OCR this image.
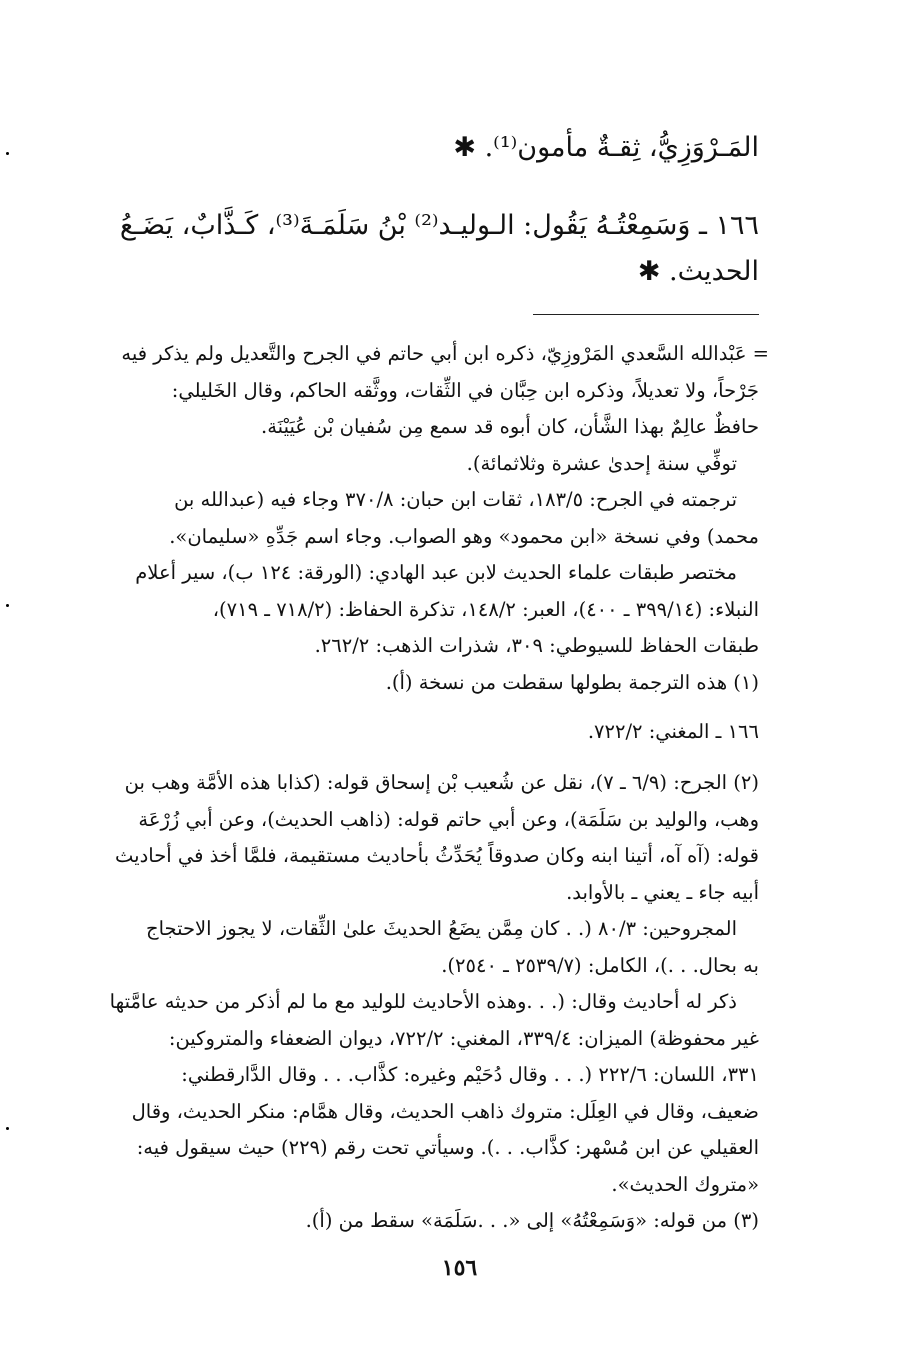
المَـرْوَزِيُّ، ثِقـةٌ مأمون⁽¹⁾. ✱
١٦٦ ـ وَسَمِعْتُـهُ يَقُول: الـوليـد⁽²⁾ بْنُ سَلَمَـةَ⁽³⁾، كَـذَّابٌ، يَضَـعُ
الحديث. ✱

= عَبْدالله السَّعدي المَرْوزِيّ، ذكره ابن أبي حاتم في الجرح والتَّعديل ولم يذكر فيه

جَرْحاً، ولا تعديلاً، وذكره ابن حِبَّان في الثِّقات، ووثَّقه الحاكم، وقال الخَليلي:

حافظٌ عالِمٌ بهذا الشَّأن، كان أبوه قد سمع مِن سُفيان بْن عُيَيْنَة.

توفِّي سنة إحدىٰ عشرة وثلاثمائة).

ترجمته في الجرح: ١٨٣/٥، ثقات ابن حبان: ٣٧٠/٨ وجاء فيه (عبدالله بن

محمد) وفي نسخة «ابن محمود» وهو الصواب. وجاء اسم جَدِّهِ «سليمان».

مختصر طبقات علماء الحديث لابن عبد الهادي: (الورقة: ١٢٤ ب)، سير أعلام

النبلاء: (٣٩٩/١٤ ـ ٤٠٠)، العبر: ١٤٨/٢، تذكرة الحفاظ: (٧١٨/٢ ـ ٧١٩)،

طبقات الحفاظ للسيوطي: ٣٠٩، شذرات الذهب: ٢٦٢/٢.

(١) هذه الترجمة بطولها سقطت من نسخة (أ).

١٦٦ ـ المغني: ٧٢٢/٢.

(٢) الجرح: (٦/٩ ـ ٧)، نقل عن شُعيب بْن إسحاق قوله: (كذابا هذه الأمَّة وهب بن

وهب، والوليد بن سَلَمَة)، وعن أبي حاتم قوله: (ذاهب الحديث)، وعن أبي زُرْعَة

قوله: (آه آه، أتينا ابنه وكان صدوقاً يُحَدِّثُ بأحاديث مستقيمة، فلمَّا أخذ في أحاديث

أبيه جاء ـ يعني ـ بالأوابد.

المجروحين: ٨٠/٣ (. . كان مِمَّن يضَعُ الحديثَ علىٰ الثِّقات، لا يجوز الاحتجاج

به بحال. . .)، الكامل: (٢٥٣٩/٧ ـ ٢٥٤٠).

ذكر له أحاديث وقال: (. . .وهذه الأحاديث للوليد مع ما لم أذكر من حديثه عامَّتها

غير محفوظة) الميزان: ٣٣٩/٤، المغني: ٧٢٢/٢، ديوان الضعفاء والمتروكين:

٣٣١، اللسان: ٢٢٢/٦ (. . . وقال دُحَيْم وغيره: كذَّاب. . . وقال الدَّارقطني:

ضعيف، وقال في العِلَل: متروك ذاهب الحديث، وقال همَّام: منكر الحديث، وقال

العقيلي عن ابن مُسْهر: كذَّاب. . .). وسيأتي تحت رقم (٢٢٩) حيث سيقول فيه:

«متروك الحديث».

(٣) من قوله: «وَسَمِعْتُهُ» إلى «. . .سَلَمَة» سقط من (أ).

١٥٦
